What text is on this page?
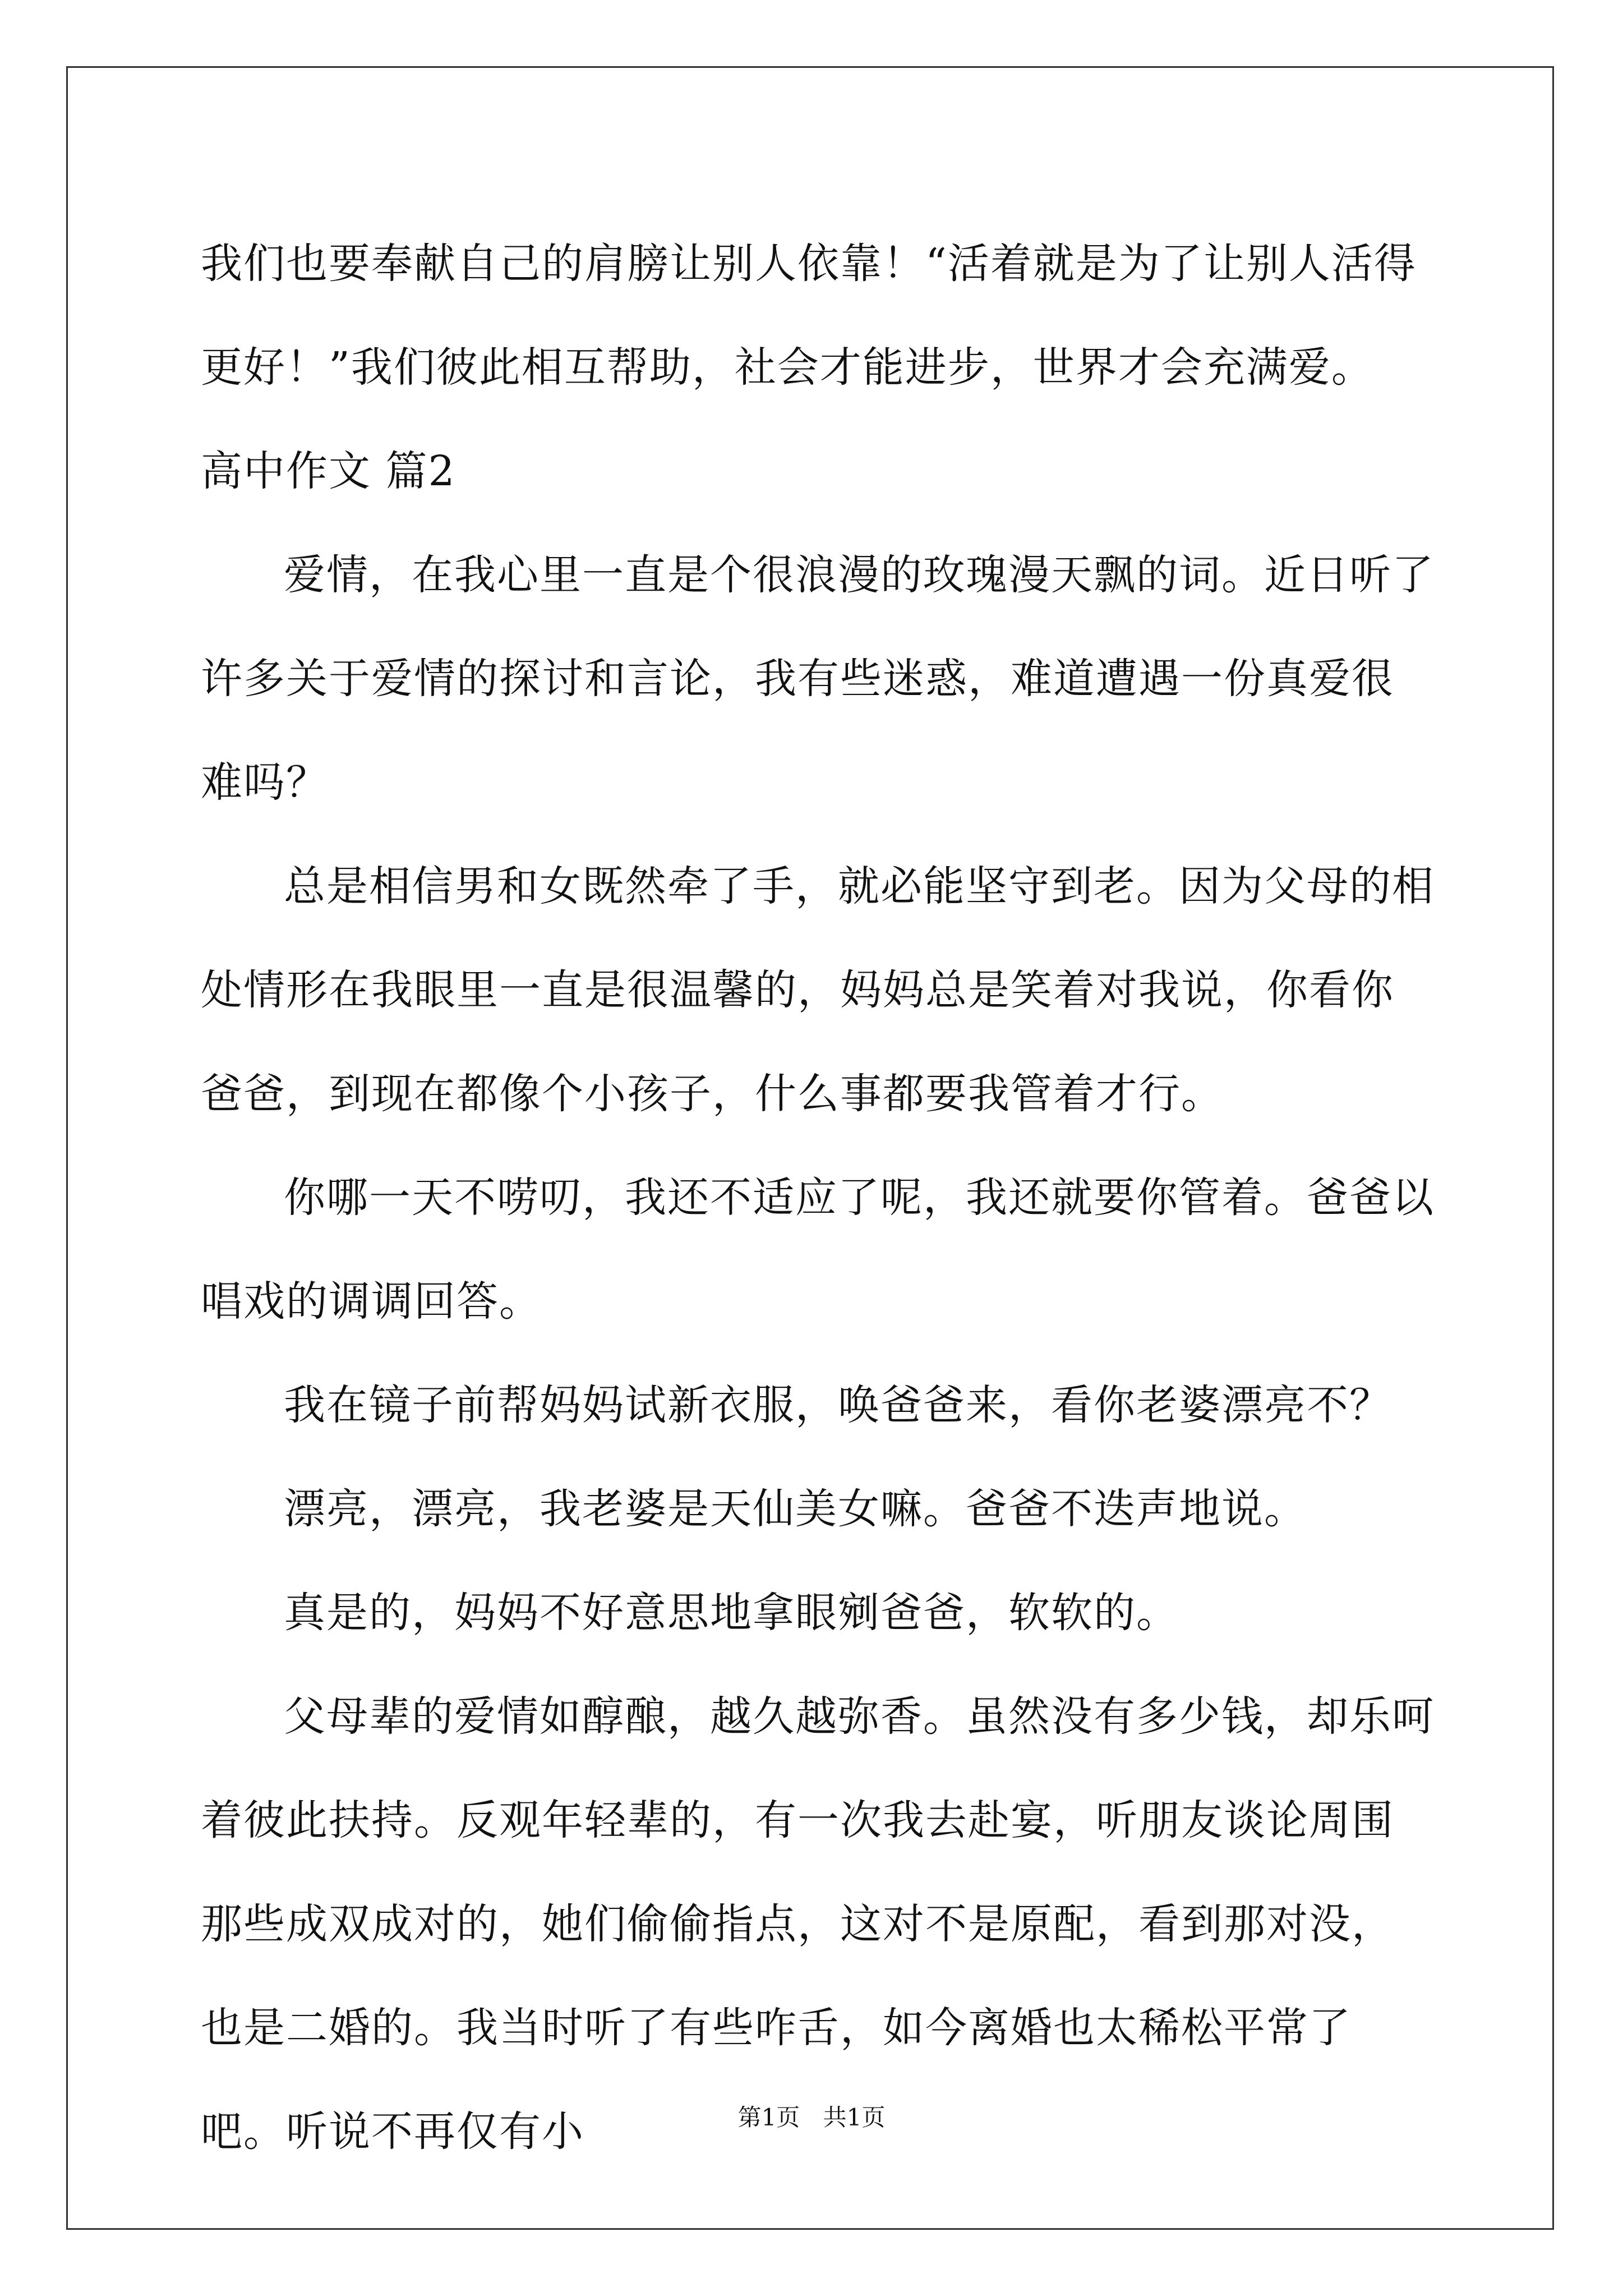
我们也要奉献自己的肩膀让别人依靠！“活着就是为了让别人活得更好！”我们彼此相互帮助，社会才能进步，世界才会充满爱。

高中作文 篇2

爱情，在我心里一直是个很浪漫的玫瑰漫天飘的词。近日听了许多关于爱情的探讨和言论，我有些迷惑，难道遭遇一份真爱很难吗？

总是相信男和女既然牵了手，就必能坚守到老。因为父母的相处情形在我眼里一直是很温馨的，妈妈总是笑着对我说，你看你爸爸，到现在都像个小孩子，什么事都要我管着才行。

你哪一天不唠叨，我还不适应了呢，我还就要你管着。爸爸以唱戏的调调回答。

我在镜子前帮妈妈试新衣服，唤爸爸来，看你老婆漂亮不？

漂亮，漂亮，我老婆是天仙美女嘛。爸爸不迭声地说。

真是的，妈妈不好意思地拿眼剜爸爸，软软的。

父母辈的爱情如醇酿，越久越弥香。虽然没有多少钱，却乐呵着彼此扶持。反观年轻辈的，有一次我去赴宴，听朋友谈论周围那些成双成对的，她们偷偷指点，这对不是原配，看到那对没，也是二婚的。我当时听了有些咋舌，如今离婚也太稀松平常了吧。听说不再仅有小	第1页 共1页
